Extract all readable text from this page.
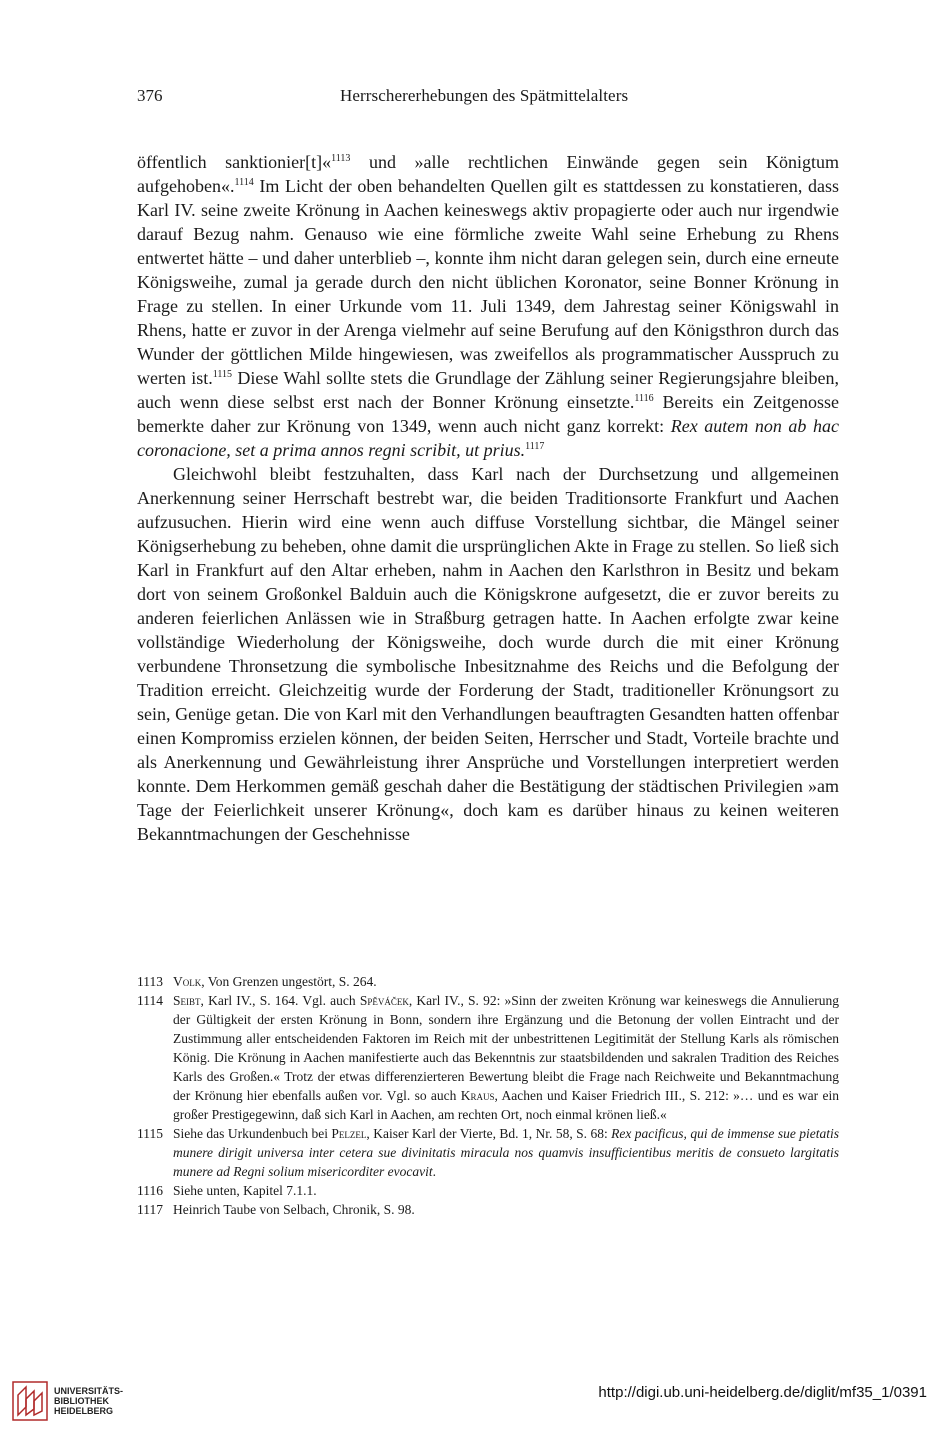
376	Herrschererhebungen des Spätmittelalters

öffentlich sanktionier[t]«$^{1113}$ und »alle rechtlichen Einwände gegen sein Königtum aufgehoben«.$^{1114}$ Im Licht der oben behandelten Quellen gilt es stattdessen zu konstatieren, dass Karl IV. seine zweite Krönung in Aachen keineswegs aktiv propagierte oder auch nur irgendwie darauf Bezug nahm. Genauso wie eine förmliche zweite Wahl seine Erhebung zu Rhens entwertet hätte – und daher unterblieb –, konnte ihm nicht daran gelegen sein, durch eine erneute Königsweihe, zumal ja gerade durch den nicht üblichen Koronator, seine Bonner Krönung in Frage zu stellen. In einer Urkunde vom 11. Juli 1349, dem Jahrestag seiner Königswahl in Rhens, hatte er zuvor in der Arenga vielmehr auf seine Berufung auf den Königsthron durch das Wunder der göttlichen Milde hingewiesen, was zweifellos als programmatischer Ausspruch zu werten ist.$^{1115}$ Diese Wahl sollte stets die Grundlage der Zählung seiner Regierungsjahre bleiben, auch wenn diese selbst erst nach der Bonner Krönung einsetzte.$^{1116}$ Bereits ein Zeitgenosse bemerkte daher zur Krönung von 1349, wenn auch nicht ganz korrekt: Rex autem non ab hac coronacione, set a prima annos regni scribit, ut prius.$^{1117}$

Gleichwohl bleibt festzuhalten, dass Karl nach der Durchsetzung und allgemeinen Anerkennung seiner Herrschaft bestrebt war, die beiden Traditionsorte Frankfurt und Aachen aufzusuchen. Hierin wird eine wenn auch diffuse Vorstellung sichtbar, die Mängel seiner Königserhebung zu beheben, ohne damit die ursprünglichen Akte in Frage zu stellen. So ließ sich Karl in Frankfurt auf den Altar erheben, nahm in Aachen den Karlsthron in Besitz und bekam dort von seinem Großonkel Balduin auch die Königskrone aufgesetzt, die er zuvor bereits zu anderen feierlichen Anlässen wie in Straßburg getragen hatte. In Aachen erfolgte zwar keine vollständige Wiederholung der Königsweihe, doch wurde durch die mit einer Krönung verbundene Thronsetzung die symbolische Inbesitznahme des Reichs und die Befolgung der Tradition erreicht. Gleichzeitig wurde der Forderung der Stadt, traditioneller Krönungsort zu sein, Genüge getan. Die von Karl mit den Verhandlungen beauftragten Gesandten hatten offenbar einen Kompromiss erzielen können, der beiden Seiten, Herrscher und Stadt, Vorteile brachte und als Anerkennung und Gewährleistung ihrer Ansprüche und Vorstellungen interpretiert werden konnte. Dem Herkommen gemäß geschah daher die Bestätigung der städtischen Privilegien »am Tage der Feierlichkeit unserer Krönung«, doch kam es darüber hinaus zu keinen weiteren Bekanntmachungen der Geschehnisse

1113 Volk, Von Grenzen ungestört, S. 264.
1114 Seibt, Karl IV., S. 164. Vgl. auch Spěváček, Karl IV., S. 92: »Sinn der zweiten Krönung war keineswegs die Annulierung der Gültigkeit der ersten Krönung in Bonn, sondern ihre Ergänzung und die Betonung der vollen Eintracht und der Zustimmung aller entscheidenden Faktoren im Reich mit der unbestrittenen Legitimität der Stellung Karls als römischen König. Die Krönung in Aachen manifestierte auch das Bekenntnis zur staatsbildenden und sakralen Tradition des Reiches Karls des Großen.« Trotz der etwas differenzierteren Bewertung bleibt die Frage nach Reichweite und Bekanntmachung der Krönung hier ebenfalls außen vor. Vgl. so auch Kraus, Aachen und Kaiser Friedrich III., S. 212: »… und es war ein großer Prestigegewinn, daß sich Karl in Aachen, am rechten Ort, noch einmal krönen ließ.«
1115 Siehe das Urkundenbuch bei Pelzel, Kaiser Karl der Vierte, Bd. 1, Nr. 58, S. 68: Rex pacificus, qui de immense sue pietatis munere dirigit universa inter cetera sue divinitatis miracula nos quamvis insufficientibus meritis de consueto largitatis munere ad Regni solium misericorditer evocavit.
1116 Siehe unten, Kapitel 7.1.1.
1117 Heinrich Taube von Selbach, Chronik, S. 98.
UNIVERSITÄTS-
BIBLIOTHEK
HEIDELBERG
http://digi.ub.uni-heidelberg.de/diglit/mf35_1/0391
